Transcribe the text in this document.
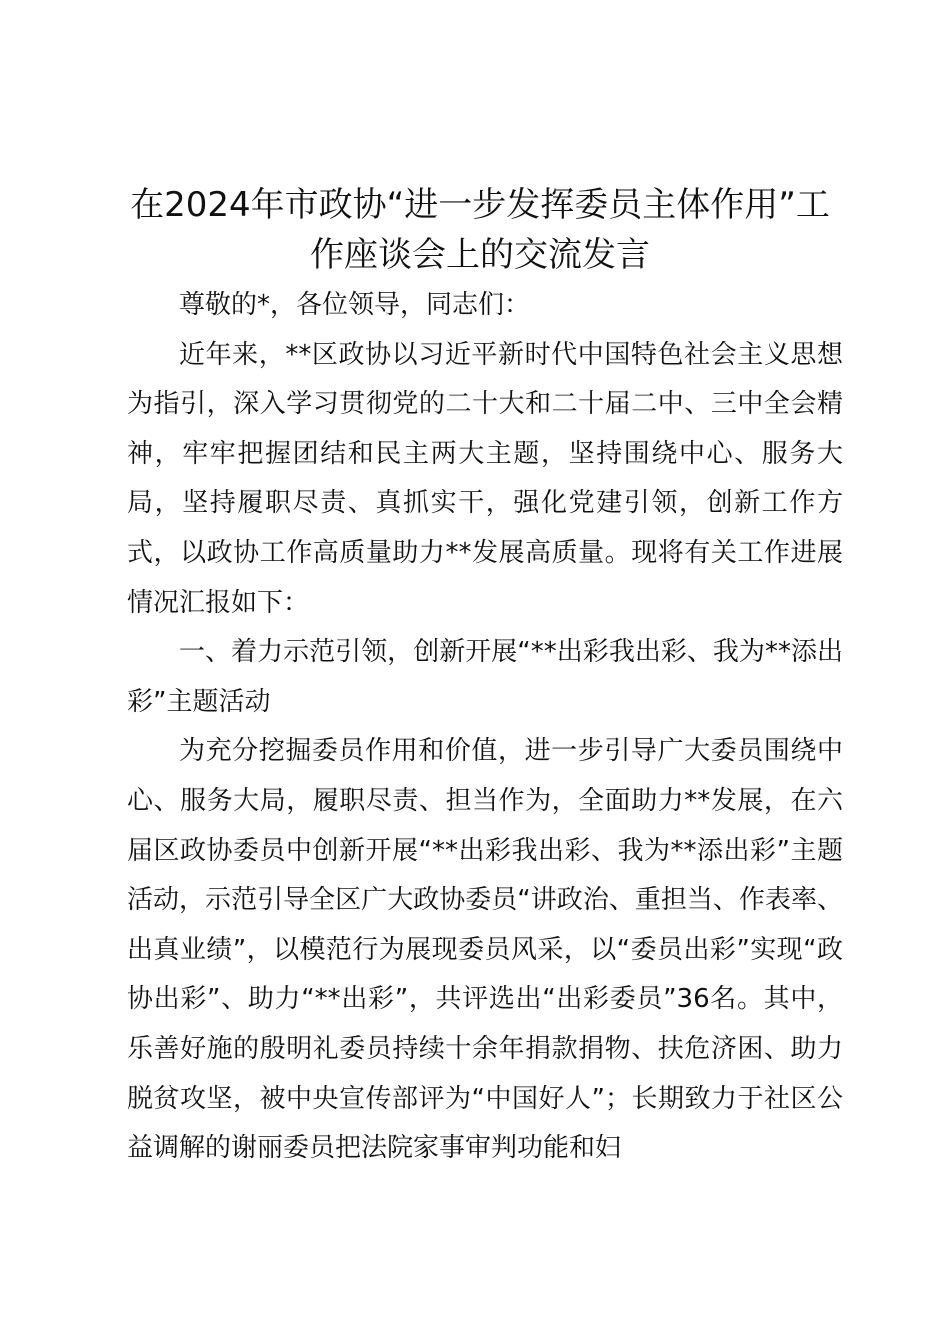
在2024年市政协“进一步发挥委员主体作用”工作座谈会上的交流发言

尊敬的*，各位领导，同志们：

近年来，**区政协以习近平新时代中国特色社会主义思想为指引，深入学习贯彻党的二十大和二十届二中、三中全会精神，牢牢把握团结和民主两大主题，坚持围绕中心、服务大局，坚持履职尽责、真抓实干，强化党建引领，创新工作方式，以政协工作高质量助力**发展高质量。现将有关工作进展情况汇报如下：

一、着力示范引领，创新开展“**出彩我出彩、我为**添出彩”主题活动

为充分挖掘委员作用和价值，进一步引导广大委员围绕中心、服务大局，履职尽责、担当作为，全面助力**发展，在六届区政协委员中创新开展“**出彩我出彩、我为**添出彩”主题活动，示范引导全区广大政协委员“讲政治、重担当、作表率、出真业绩”，以模范行为展现委员风采，以“委员出彩”实现“政协出彩”、助力“**出彩”，共评选出“出彩委员”36名。其中，乐善好施的殷明礼委员持续十余年捐款捐物、扶危济困、助力脱贫攻坚，被中央宣传部评为“中国好人”；长期致力于社区公益调解的谢丽委员把法院家事审判功能和妇
